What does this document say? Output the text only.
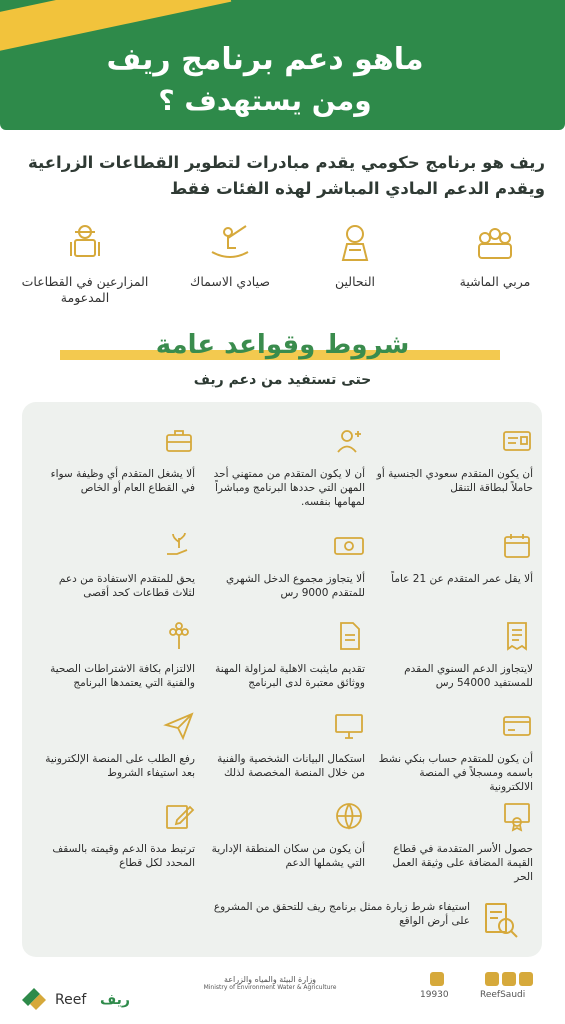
ماهو دعم برنامج ريف
ومن يستهدف ؟
ريف هو برنامج حكومي يقدم مبادرات لتطوير القطاعات الزراعية ويقدم الدعم المادي المباشر لهذه الفئات فقط
مربي الماشية
النحالين
صيادي الاسماك
المزارعين في القطاعات المدعومة
شروط وقواعد عامة
حتى تستفيد من دعم ريف
أن يكون المتقدم سعودي الجنسية أو حاملاً لبطاقة التنقل
أن لا يكون المتقدم من ممتهني أحد المهن التي حددها البرنامج ومباشراً لمهامها بنفسه.
ألا يشغل المتقدم أي وظيفة سواء في القطاع العام أو الخاص
ألا يقل عمر المتقدم عن 21 عاماً
ألا يتجاوز مجموع الدخل الشهري للمتقدم 9000 رس
يحق للمتقدم الاستفادة من دعم لثلاث قطاعات كحد أقصى
لايتجاوز الدعم السنوي المقدم للمستفيد 54000 رس
تقديم مايثبت الاهلية لمزاولة المهنة ووثائق معتبرة لدى البرنامج
الالتزام بكافة الاشتراطات الصحية والفنية التي يعتمدها البرنامج
أن يكون للمتقدم حساب بنكي نشط باسمه ومسجلاً في المنصة الالكترونية
استكمال البيانات الشخصية والفنية من خلال المنصة المخصصة لذلك
رفع الطلب على المنصة الإلكترونية بعد استيفاء الشروط
حصول الأسر المتقدمة في قطاع القيمة المضافة على وثيقة العمل الحر
أن يكون من سكان المنطقة الإدارية التي يشملها الدعم
ترتبط مدة الدعم وقيمته بالسقف المحدد لكل قطاع
استيفاء شرط زيارة ممثل برنامج ريف للتحقق من المشروع على أرض الواقع
Reef ريف
وزارة البيئة والمياه والزراعة
Ministry of Environment Water & Agriculture
19930	ReefSaudi
